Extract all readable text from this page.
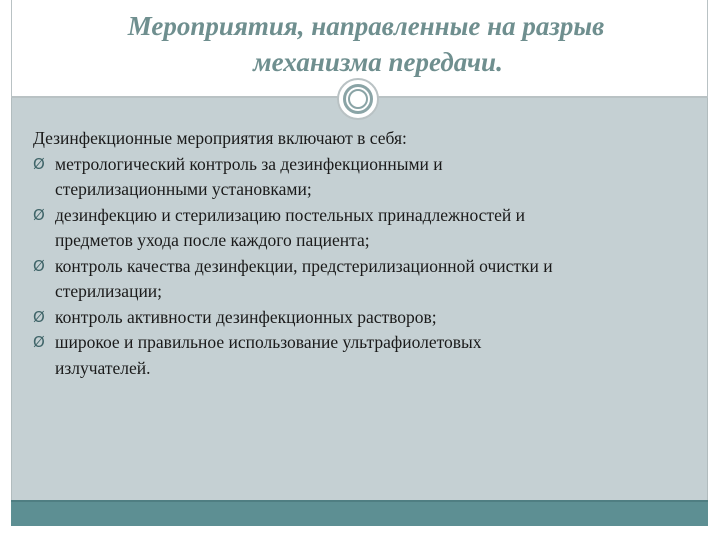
Мероприятия, направленные на разрыв
механизма передачи.
Дезинфекционные мероприятия включают в себя:
Ø метрологический контроль за дезинфекционными и
стерилизационными установками;
Ø дезинфекцию и стерилизацию постельных принадлежностей и
предметов ухода после каждого пациента;
Ø контроль качества дезинфекции, предстерилизационной очистки и
стерилизации;
Ø контроль активности дезинфекционных растворов;
Ø широкое и правильное использование ультрафиолетовых
излучателей.
